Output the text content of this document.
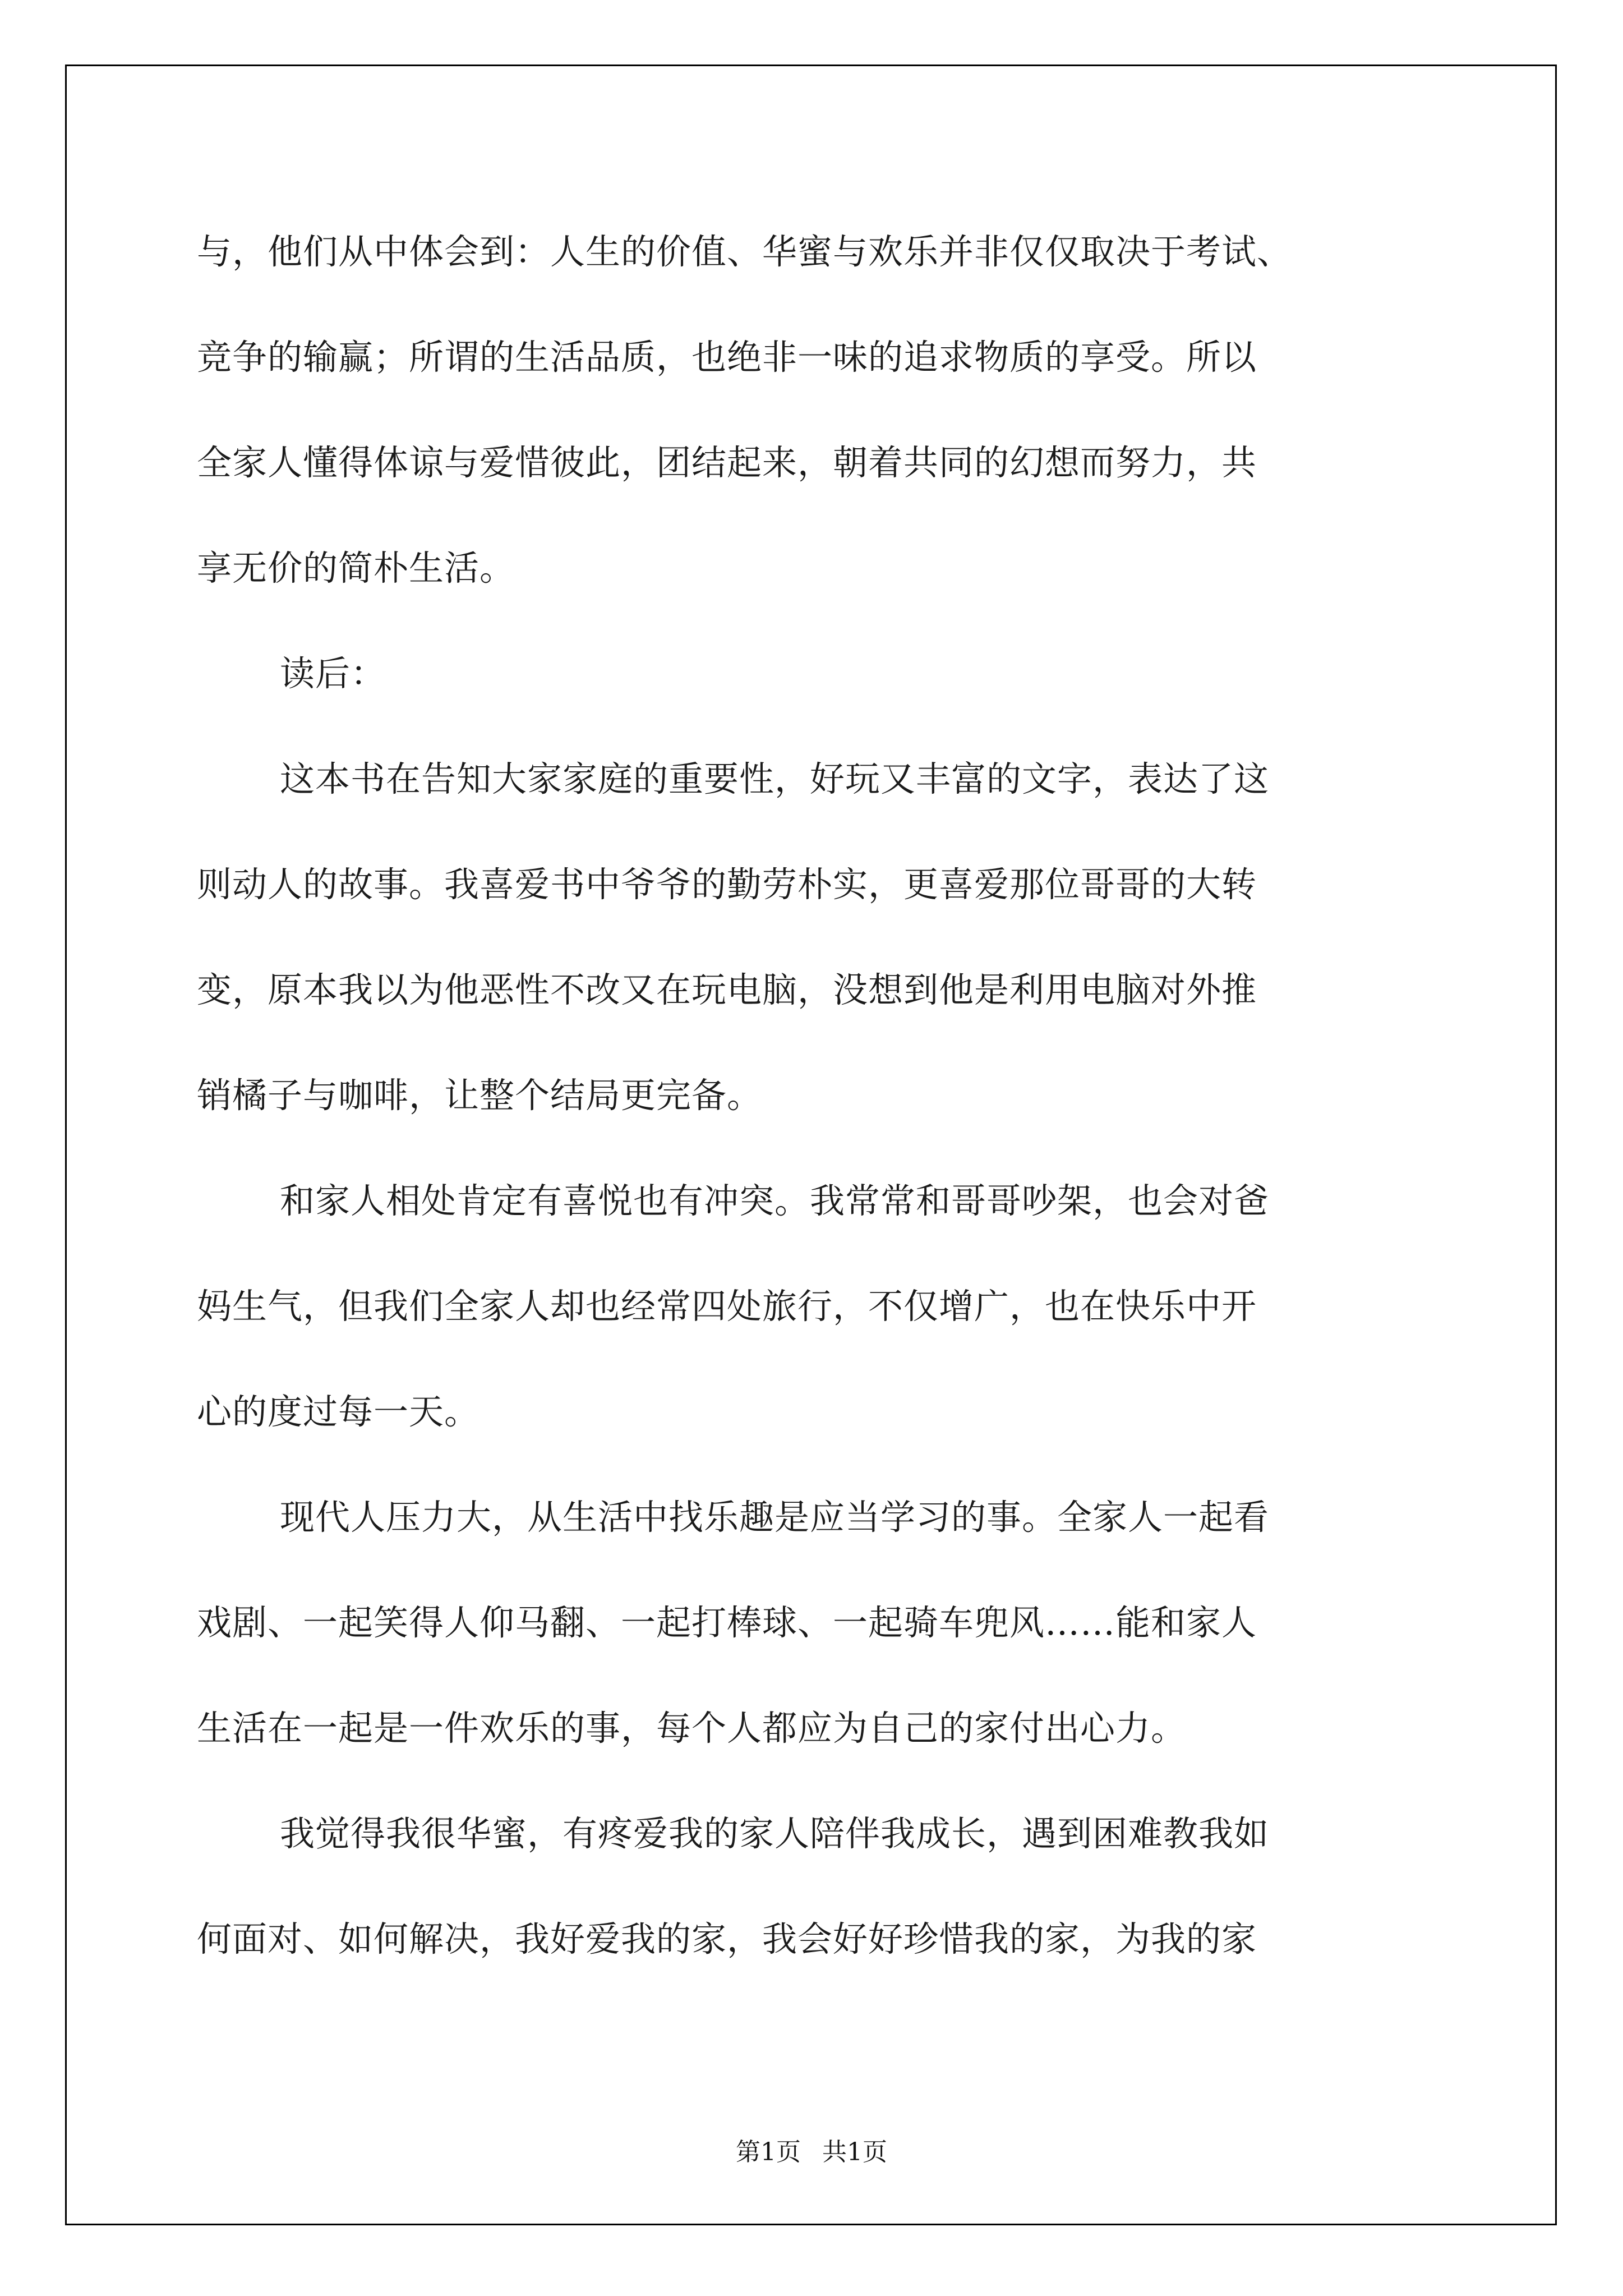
与，他们从中体会到：人生的价值、华蜜与欢乐并非仅仅取决于考试、
竞争的输赢；所谓的生活品质，也绝非一味的追求物质的享受。所以
全家人懂得体谅与爱惜彼此，团结起来，朝着共同的幻想而努力，共
享无价的简朴生活。
读后：
这本书在告知大家家庭的重要性，好玩又丰富的文字，表达了这
则动人的故事。我喜爱书中爷爷的勤劳朴实，更喜爱那位哥哥的大转
变，原本我以为他恶性不改又在玩电脑，没想到他是利用电脑对外推
销橘子与咖啡，让整个结局更完备。
和家人相处肯定有喜悦也有冲突。我常常和哥哥吵架，也会对爸
妈生气，但我们全家人却也经常四处旅行，不仅增广，也在快乐中开
心的度过每一天。
现代人压力大，从生活中找乐趣是应当学习的事。全家人一起看
戏剧、一起笑得人仰马翻、一起打棒球、一起骑车兜风……能和家人
生活在一起是一件欢乐的事，每个人都应为自己的家付出心力。
我觉得我很华蜜，有疼爱我的家人陪伴我成长，遇到困难教我如
何面对、如何解决，我好爱我的家，我会好好珍惜我的家，为我的家
第1页 共1页
